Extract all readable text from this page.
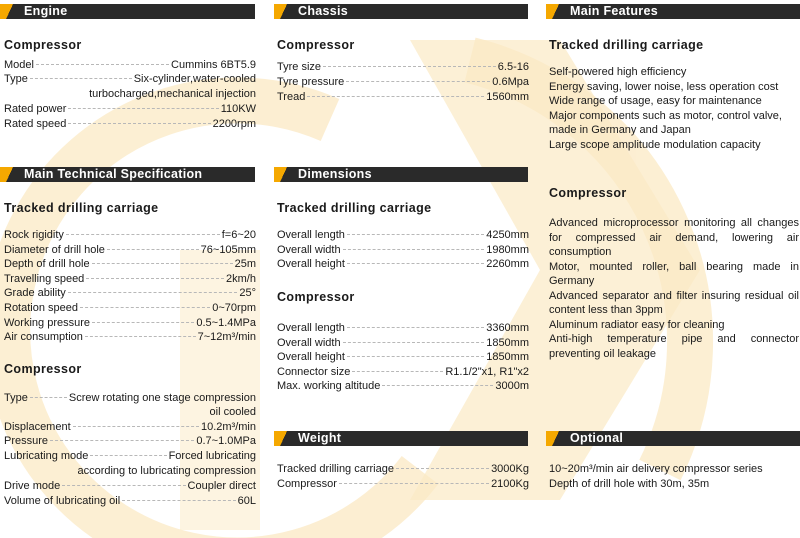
Engine
Compressor
Model	Cummins 6BT5.9
Type	Six-cylinder,water-cooled
turbocharged,mechanical injection
Rated power	110KW
Rated speed	2200rpm
Chassis
Compressor
Tyre size	6.5-16
Tyre pressure	0.6Mpa
Tread	1560mm
Main Features
Tracked drilling carriage
Self-powered high efficiency
Energy saving, lower noise, less operation cost
Wide range of usage, easy for maintenance
Major components such as motor, control valve,
made in Germany and Japan
Large scope amplitude modulation capacity
Compressor
Advanced microprocessor monitoring all changes for compressed air demand, lowering air consumption
Motor, mounted roller, ball bearing made in Germany
Advanced separator and filter insuring residual oil content less than 3ppm
Aluminum radiator easy for cleaning
Anti-high temperature pipe and connector preventing oil leakage
Main Technical Specification
Tracked drilling carriage
Rock rigidity	f=6~20
Diameter of drill hole	76~105mm
Depth of drill hole	25m
Travelling speed	2km/h
Grade ability	25°
Rotation speed	0~70rpm
Working pressure	0.5~1.4MPa
Air consumption	7~12m³/min
Compressor
Type	Screw rotating one stage compression
oil cooled
Displacement	10.2m³/min
Pressure	0.7~1.0MPa
Lubricating mode	Forced lubricating
according to lubricating compression
Drive mode	Coupler direct
Volume of lubricating oil	60L
Dimensions
Tracked drilling carriage
Overall length	4250mm
Overall width	1980mm
Overall height	2260mm
Compressor
Overall length	3360mm
Overall width	1850mm
Overall height	1850mm
Connector size	R1.1/2"x1, R1"x2
Max. working altitude	3000m
Weight
Tracked drilling carriage	3000Kg
Compressor	2100Kg
Optional
10~20m³/min air delivery compressor series
Depth of drill hole with 30m, 35m
